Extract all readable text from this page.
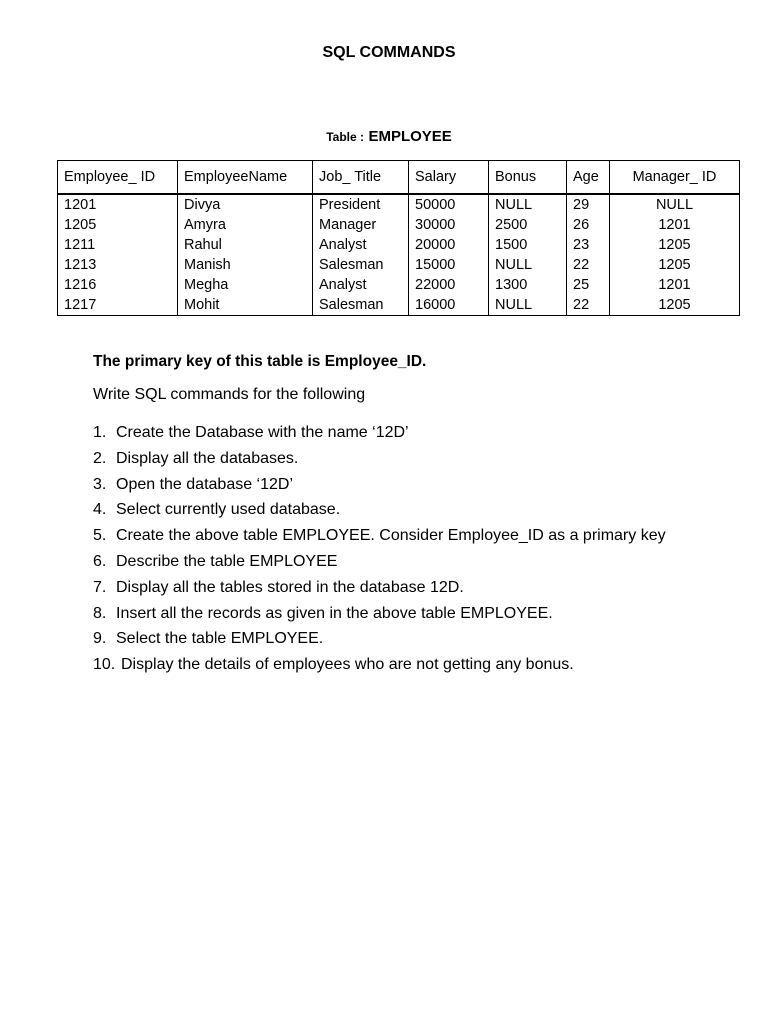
SQL COMMANDS
Table : EMPLOYEE
Employee_ ID	EmployeeName	Job_ Title	Salary	Bonus	Age	Manager_ ID
1201	Divya	President	50000	NULL	29	NULL
1205	Amyra	Manager	30000	2500	26	1201
1211	Rahul	Analyst	20000	1500	23	1205
1213	Manish	Salesman	15000	NULL	22	1205
1216	Megha	Analyst	22000	1300	25	1201
1217	Mohit	Salesman	16000	NULL	22	1205
The primary key of this table is Employee_ID.
Write SQL commands for the following
1. Create the Database with the name ‘12D’
2. Display all the databases.
3. Open the database ‘12D’
4. Select currently used database.
5. Create the above table EMPLOYEE. Consider Employee_ID as a primary key
6. Describe the table EMPLOYEE
7. Display all the tables stored in the database 12D.
8. Insert all the records as given in the above table EMPLOYEE.
9. Select the table EMPLOYEE.
10. Display the details of employees who are not getting any bonus.
